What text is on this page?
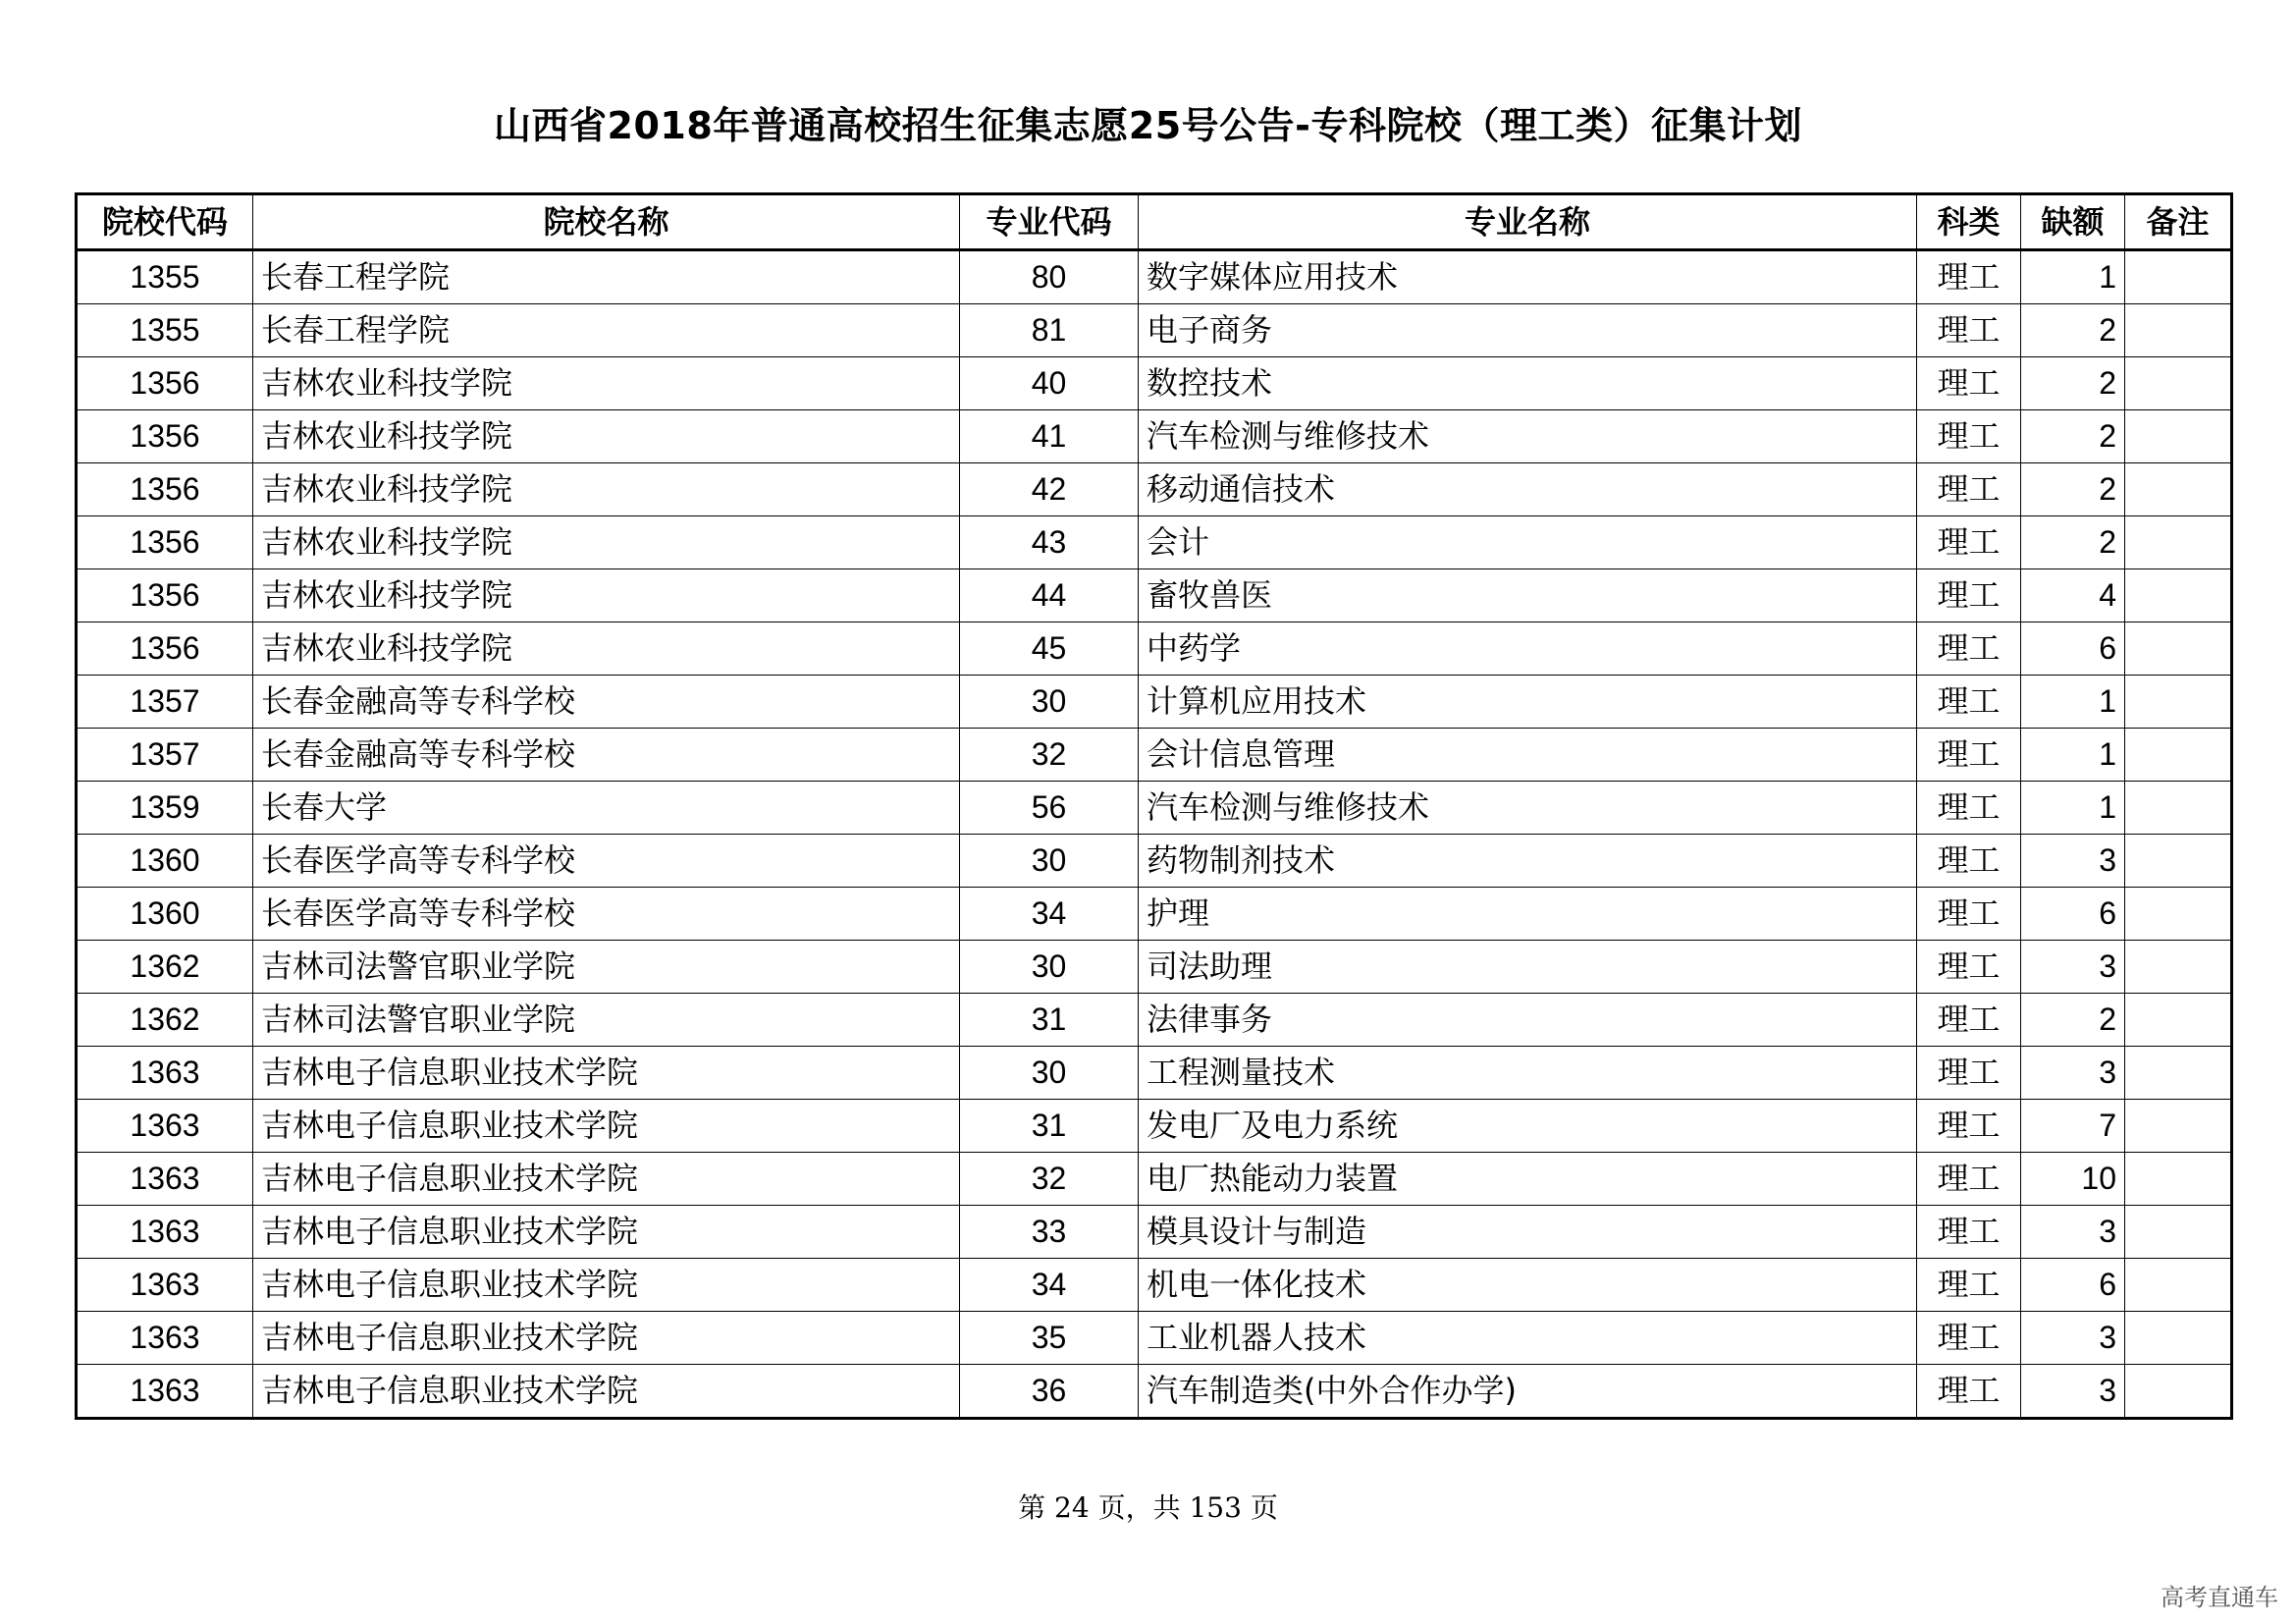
山西省2018年普通高校招生征集志愿25号公告-专科院校（理工类）征集计划
院校代码	院校名称	专业代码	专业名称	科类	缺额	备注
1355	长春工程学院	80	数字媒体应用技术	理工	1	
1355	长春工程学院	81	电子商务	理工	2	
1356	吉林农业科技学院	40	数控技术	理工	2	
1356	吉林农业科技学院	41	汽车检测与维修技术	理工	2	
1356	吉林农业科技学院	42	移动通信技术	理工	2	
1356	吉林农业科技学院	43	会计	理工	2	
1356	吉林农业科技学院	44	畜牧兽医	理工	4	
1356	吉林农业科技学院	45	中药学	理工	6	
1357	长春金融高等专科学校	30	计算机应用技术	理工	1	
1357	长春金融高等专科学校	32	会计信息管理	理工	1	
1359	长春大学	56	汽车检测与维修技术	理工	1	
1360	长春医学高等专科学校	30	药物制剂技术	理工	3	
1360	长春医学高等专科学校	34	护理	理工	6	
1362	吉林司法警官职业学院	30	司法助理	理工	3	
1362	吉林司法警官职业学院	31	法律事务	理工	2	
1363	吉林电子信息职业技术学院	30	工程测量技术	理工	3	
1363	吉林电子信息职业技术学院	31	发电厂及电力系统	理工	7	
1363	吉林电子信息职业技术学院	32	电厂热能动力装置	理工	10	
1363	吉林电子信息职业技术学院	33	模具设计与制造	理工	3	
1363	吉林电子信息职业技术学院	34	机电一体化技术	理工	6	
1363	吉林电子信息职业技术学院	35	工业机器人技术	理工	3	
1363	吉林电子信息职业技术学院	36	汽车制造类(中外合作办学)	理工	3	
第 24 页，共 153 页
高考直通车
